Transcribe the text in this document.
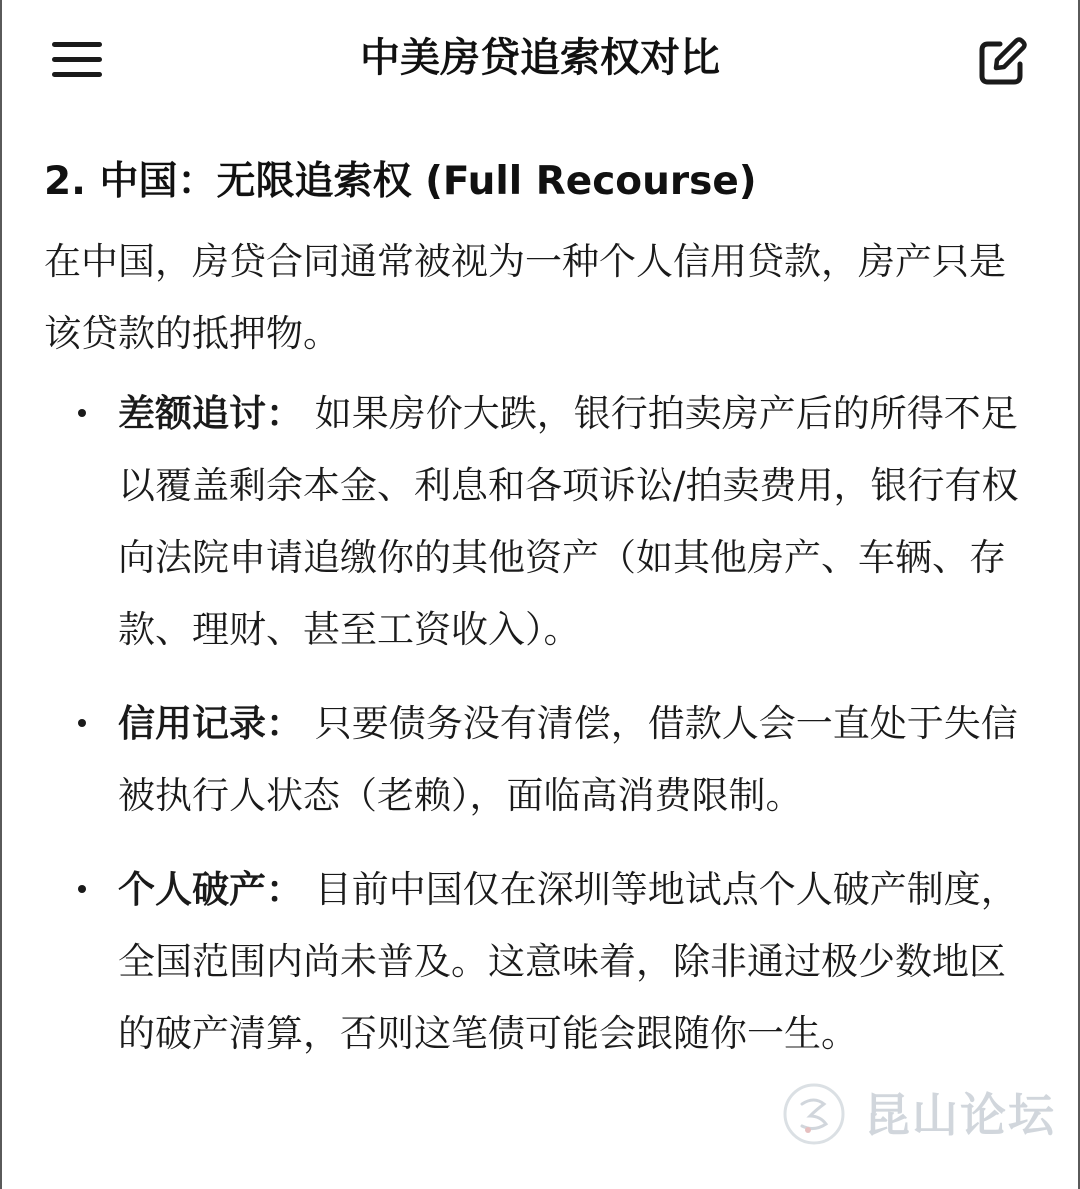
中美房贷追索权对比
2. 中国：无限追索权 (Full Recourse)

在中国，房贷合同通常被视为一种个人信用贷款，房产只是该贷款的抵押物。

差额追讨： 如果房价大跌，银行拍卖房产后的所得不足以覆盖剩余本金、利息和各项诉讼/拍卖费用，银行有权向法院申请追缴你的其他资产（如其他房产、车辆、存款、理财、甚至工资收入）。
信用记录： 只要债务没有清偿，借款人会一直处于失信被执行人状态（老赖），面临高消费限制。
个人破产： 目前中国仅在深圳等地试点个人破产制度，全国范围内尚未普及。这意味着，除非通过极少数地区的破产清算，否则这笔债可能会跟随你一生。
昆山论坛
